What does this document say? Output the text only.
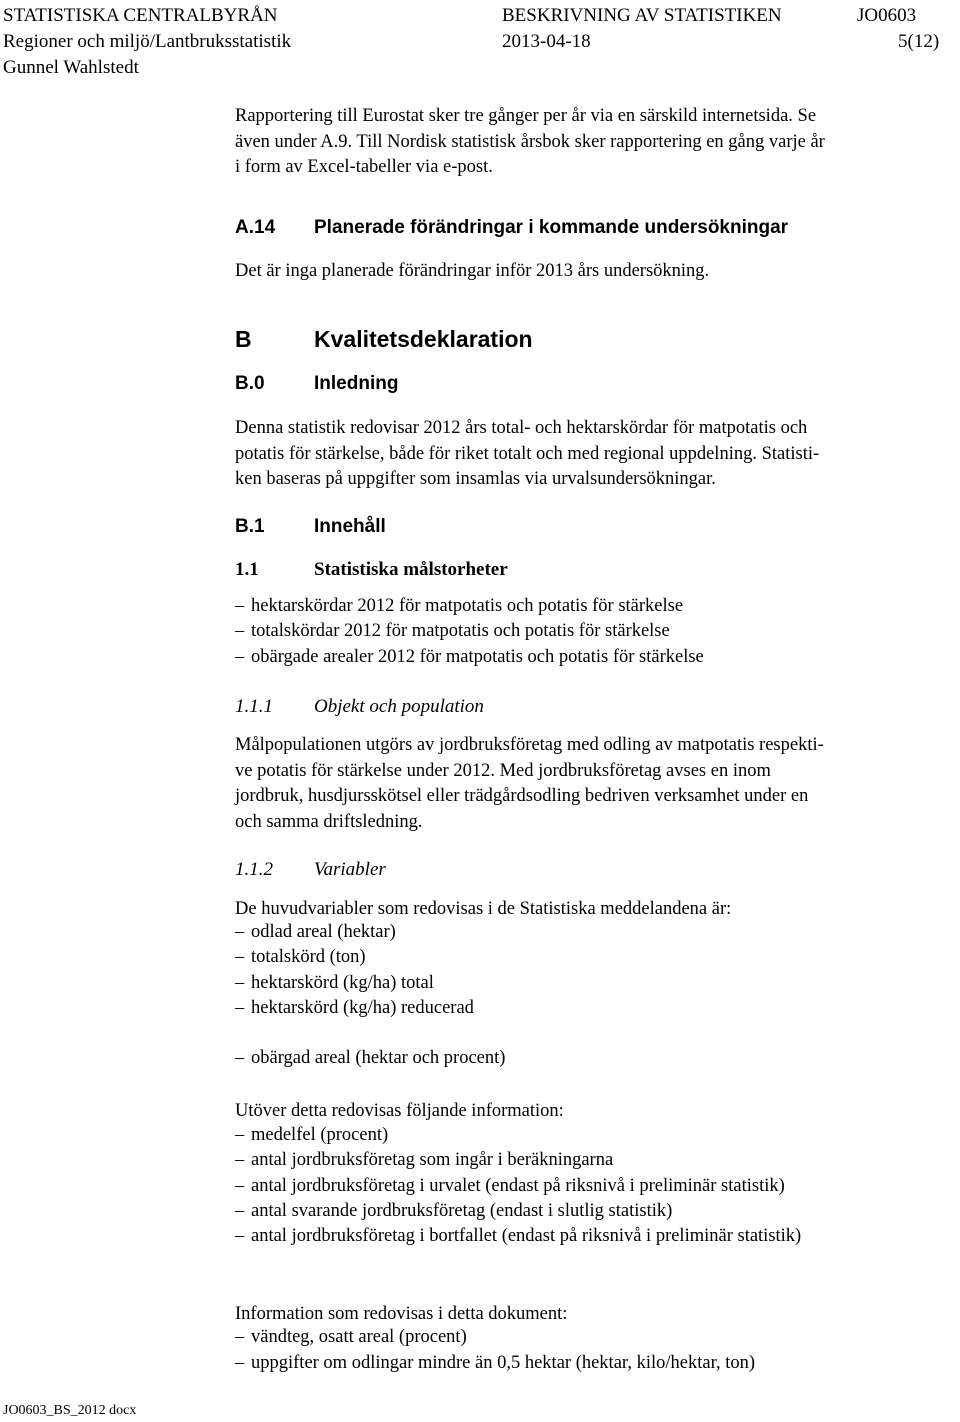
STATISTISKA CENTRALBYRÅN	BESKRIVNING AV STATISTIKEN	JO0603
Regioner och miljö/Lantbruksstatistik	2013-04-18	5(12)
Gunnel Wahlstedt
Rapportering till Eurostat sker tre gånger per år via en särskild internetsida. Se
även under A.9. Till Nordisk statistisk årsbok sker rapportering en gång varje år
i form av Excel-tabeller via e-post.
A.14 Planerade förändringar i kommande undersökningar
Det är inga planerade förändringar inför 2013 års undersökning.
B	Kvalitetsdeklaration
B.0	Inledning
Denna statistik redovisar 2012 års total- och hektarskördar för matpotatis och
potatis för stärkelse, både för riket totalt och med regional uppdelning. Statisti-
ken baseras på uppgifter som insamlas via urvalsundersökningar.
B.1	Innehåll
1.1	Statistiska målstorheter
– hektarskördar 2012 för matpotatis och potatis för stärkelse
– totalskördar 2012 för matpotatis och potatis för stärkelse
– obärgade arealer 2012 för matpotatis och potatis för stärkelse
1.1.1 Objekt och population
Målpopulationen utgörs av jordbruksföretag med odling av matpotatis respekti-
ve potatis för stärkelse under 2012. Med jordbruksföretag avses en inom
jordbruk, husdjursskötsel eller trädgårdsodling bedriven verksamhet under en
och samma driftsledning.
1.1.2 Variabler
De huvudvariabler som redovisas i de Statistiska meddelandena är:
– odlad areal (hektar)
– totalskörd (ton)
– hektarskörd (kg/ha) total
– hektarskörd (kg/ha) reducerad
– obärgad areal (hektar och procent)
Utöver detta redovisas följande information:
– medelfel (procent)
– antal jordbruksföretag som ingår i beräkningarna
– antal jordbruksföretag i urvalet (endast på riksnivå i preliminär statistik)
– antal svarande jordbruksföretag (endast i slutlig statistik)
– antal jordbruksföretag i bortfallet (endast på riksnivå i preliminär statistik)
Information som redovisas i detta dokument:
– vändteg, osatt areal (procent)
– uppgifter om odlingar mindre än 0,5 hektar (hektar, kilo/hektar, ton)
JO0603_BS_2012 docx
